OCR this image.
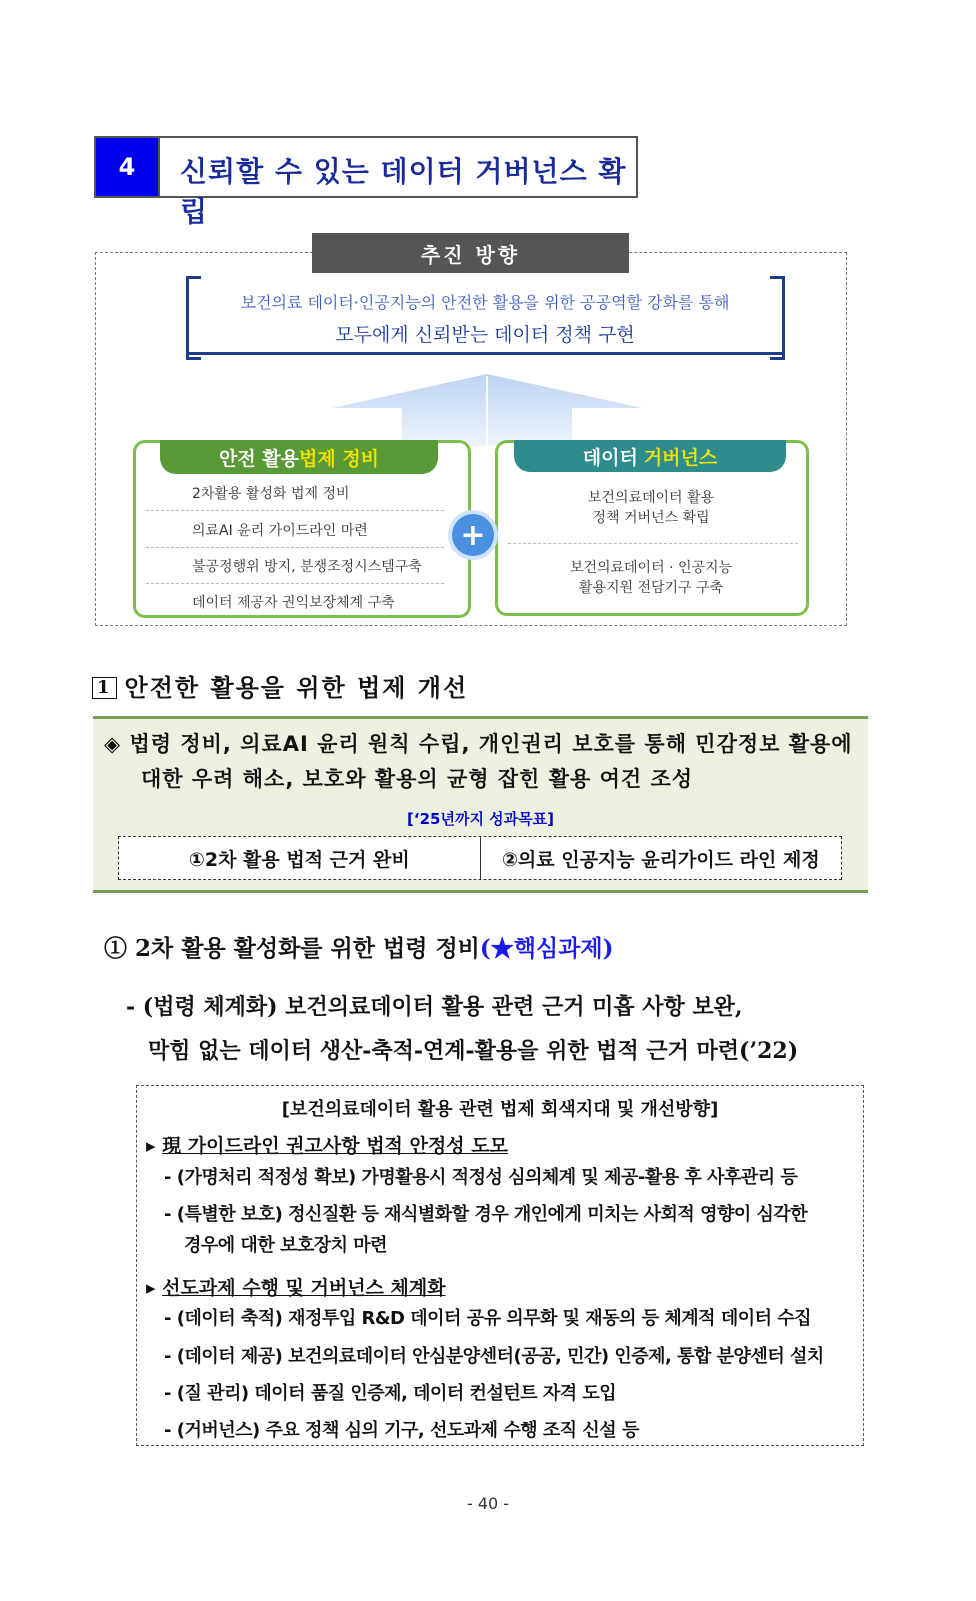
4	신뢰할 수 있는 데이터 거버넌스 확립
추진 방향
보건의료 데이터·인공지능의 안전한 활용을 위한 공공역할 강화를 통해
모두에게 신뢰받는 데이터 정책 구현
안전 활용 법제 정비
2차활용 활성화 법제 정비
의료AI 윤리 가이드라인 마련
불공정행위 방지, 분쟁조정시스템구축
데이터 제공자 권익보장체계 구축
데이터 거버넌스
보건의료데이터 활용
정책 거버넌스 확립
보건의료데이터 · 인공지능
활용지원 전담기구 구축
+
1 안전한 활용을 위한 법제 개선
◈ 법령 정비, 의료AI 윤리 원칙 수립, 개인권리 보호를 통해 민감정보 활용에
대한 우려 해소, 보호와 활용의 균형 잡힌 활용 여건 조성
[‘25년까지 성과목표]
①2차 활용 법적 근거 완비	②의료 인공지능 윤리가이드 라인 제정
① 2차 활용 활성화를 위한 법령 정비(★핵심과제)
- (법령 체계화) 보건의료데이터 활용 관련 근거 미흡 사항 보완,
막힘 없는 데이터 생산-축적-연계-활용을 위한 법적 근거 마련(’22)
[보건의료데이터 활용 관련 법제 회색지대 및 개선방향]
▸ 現 가이드라인 권고사항 법적 안정성 도모
- (가명처리 적정성 확보) 가명활용시 적정성 심의체계 및 제공-활용 후 사후관리 등
- (특별한 보호) 정신질환 등 재식별화할 경우 개인에게 미치는 사회적 영향이 심각한
경우에 대한 보호장치 마련
▸ 선도과제 수행 및 거버넌스 체계화
- (데이터 축적) 재정투입 R&D 데이터 공유 의무화 및 재동의 등 체계적 데이터 수집
- (데이터 제공) 보건의료데이터 안심분양센터(공공, 민간) 인증제, 통합 분양센터 설치
- (질 관리) 데이터 품질 인증제, 데이터 컨설턴트 자격 도입
- (거버넌스) 주요 정책 심의 기구, 선도과제 수행 조직 신설 등
- 40 -
